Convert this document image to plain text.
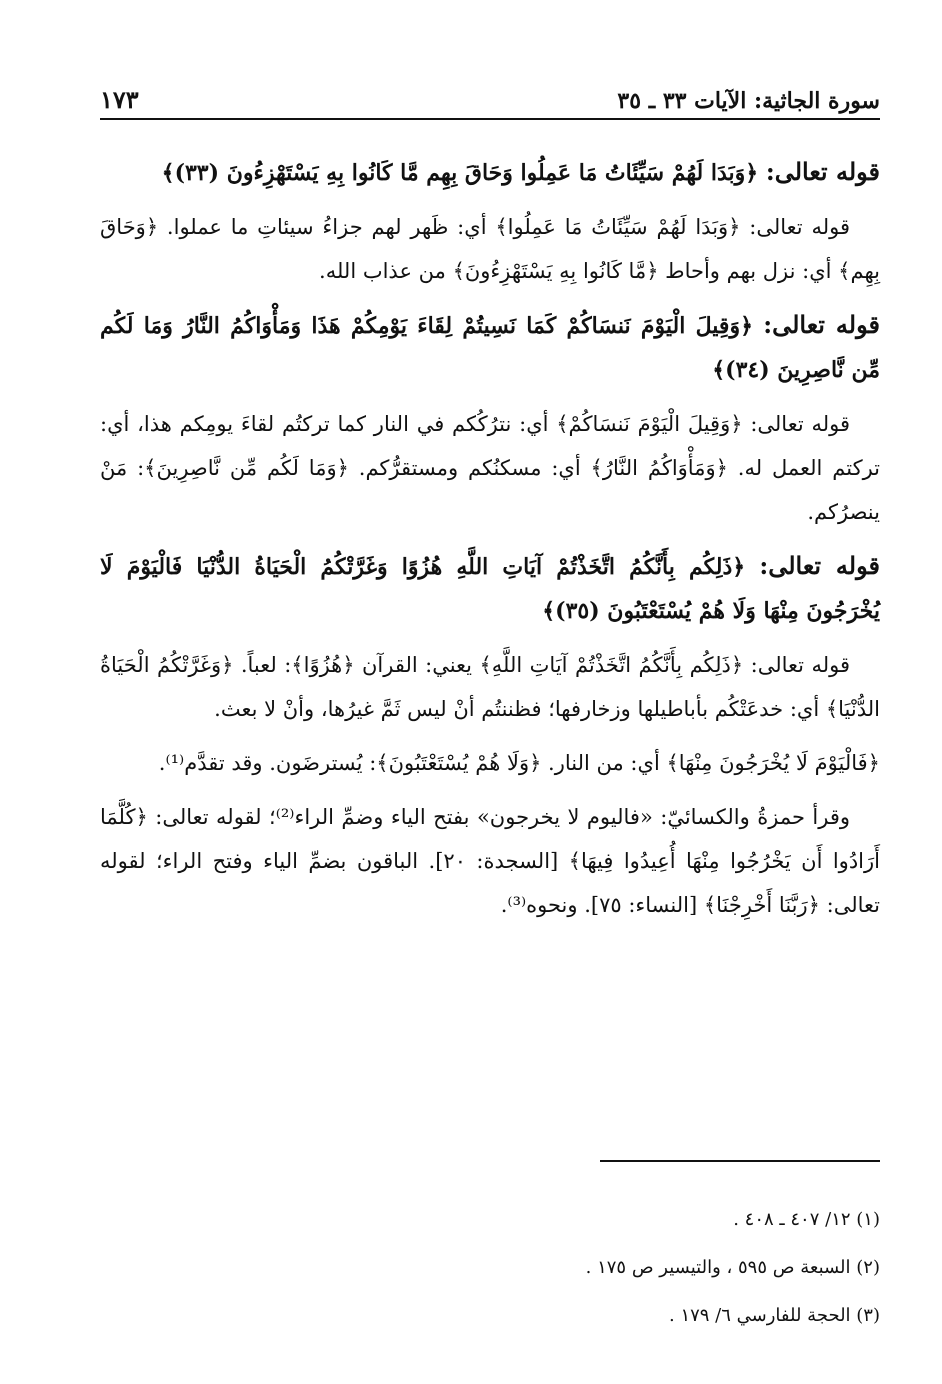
سورة الجاثية: الآيات ٣٣ ـ ٣٥
١٧٣

قوله تعالى: ﴿وَبَدَا لَهُمْ سَيِّئَاتُ مَا عَمِلُوا وَحَاقَ بِهِم مَّا كَانُوا بِهِ يَسْتَهْزِءُونَ (٣٣)﴾

قوله تعالى: ﴿وَبَدَا لَهُمْ سَيِّئَاتُ مَا عَمِلُوا﴾ أي: ظَهر لهم جزاءُ سيئاتِ ما عملوا. ﴿وَحَاقَ بِهِم﴾ أي: نزل بهم وأحاط ﴿مَّا كَانُوا بِهِ يَسْتَهْزِءُونَ﴾ من عذاب الله.

قوله تعالى: ﴿وَقِيلَ الْيَوْمَ نَنسَاكُمْ كَمَا نَسِيتُمْ لِقَاءَ يَوْمِكُمْ هَذَا وَمَأْوَاكُمُ النَّارُ وَمَا لَكُم مِّن نَّاصِرِينَ (٣٤)﴾

قوله تعالى: ﴿وَقِيلَ الْيَوْمَ نَنسَاكُمْ﴾ أي: نترُكُكم في النار كما تركتُم لقاءَ يومِكم هذا، أي: تركتم العمل له. ﴿وَمَأْوَاكُمُ النَّارُ﴾ أي: مسكنُكم ومستقرُّكم. ﴿وَمَا لَكُم مِّن نَّاصِرِينَ﴾: مَنْ ينصرُكم.

قوله تعالى: ﴿ذَلِكُم بِأَنَّكُمُ اتَّخَذْتُمْ آيَاتِ اللَّهِ هُزُوًا وَغَرَّتْكُمُ الْحَيَاةُ الدُّنْيَا فَالْيَوْمَ لَا يُخْرَجُونَ مِنْهَا وَلَا هُمْ يُسْتَعْتَبُونَ (٣٥)﴾

قوله تعالى: ﴿ذَلِكُم بِأَنَّكُمُ اتَّخَذْتُمْ آيَاتِ اللَّهِ﴾ يعني: القرآن ﴿هُزُوًا﴾: لعباً. ﴿وَغَرَّتْكُمُ الْحَيَاةُ الدُّنْيَا﴾ أي: خدعَتْكُم بأباطيلها وزخارفها؛ فظننتُم أنْ ليس ثَمَّ غيرُها، وأنْ لا بعث.

﴿فَالْيَوْمَ لَا يُخْرَجُونَ مِنْهَا﴾ أي: من النار. ﴿وَلَا هُمْ يُسْتَعْتَبُونَ﴾: يُسترضَون. وقد تقدَّم⁽¹⁾.

وقرأ حمزةُ والكسائيّ: «فاليوم لا يخرجون» بفتح الياء وضمِّ الراء⁽²⁾؛ لقوله تعالى: ﴿كُلَّمَا أَرَادُوا أَن يَخْرُجُوا مِنْهَا أُعِيدُوا فِيهَا﴾ [السجدة: ٢٠]. الباقون بضمِّ الياء وفتح الراء؛ لقوله تعالى: ﴿رَبَّنَا أَخْرِجْنَا﴾ [النساء: ٧٥]. ونحوه⁽³⁾.

(١) ١٢/ ٤٠٧ ـ ٤٠٨ .
(٢) السبعة ص ٥٩٥ ، والتيسير ص ١٧٥ .
(٣) الحجة للفارسي ٦/ ١٧٩ .
